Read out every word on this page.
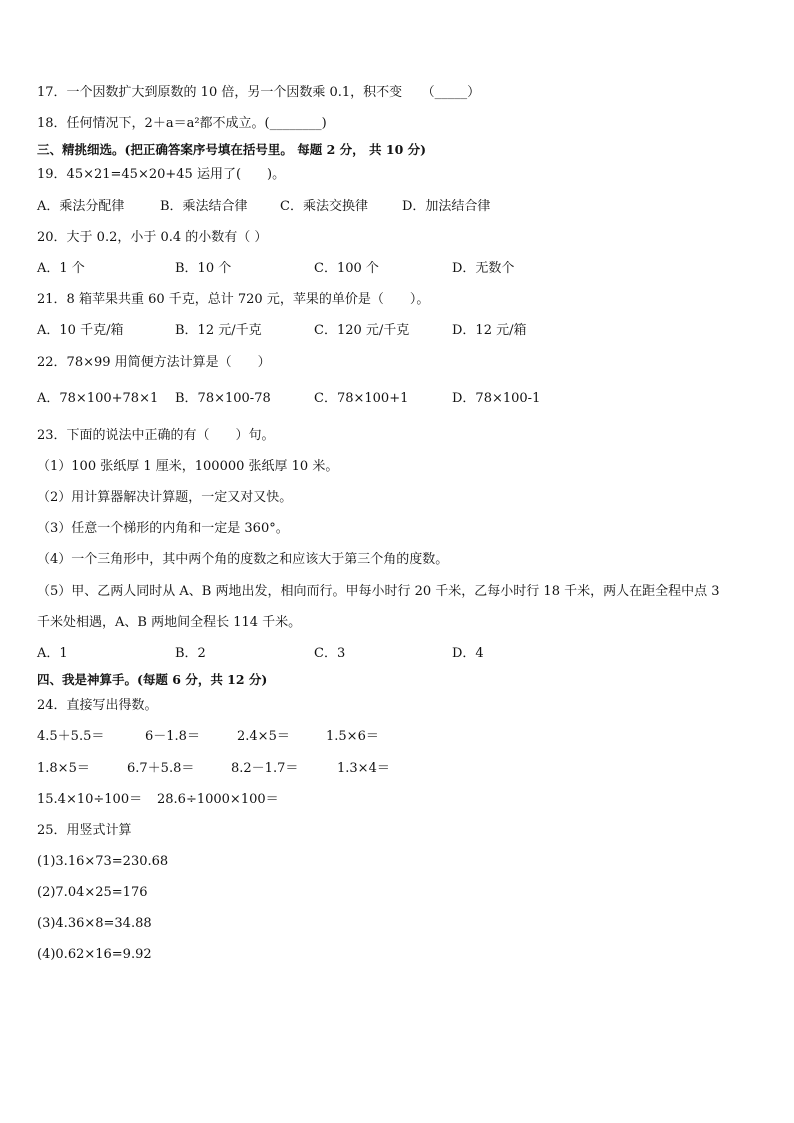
17．一个因数扩大到原数的 10 倍，另一个因数乘 0.1，积不变　　（_____）
18．任何情况下，2＋a＝a²都不成立。(________)
三、精挑细选。(把正确答案序号填在括号里。 每题 2 分， 共 10 分)
19．45×21=45×20+45 运用了(　　)。
A．乘法分配律	B．乘法结合律 C．乘法交换律	D．加法结合律
20．大于 0.2，小于 0.4 的小数有（ ）
A．1 个	B．10 个	C．100 个	D．无数个
21．8 箱苹果共重 60 千克，总计 720 元，苹果的单价是（　　）。
A．10 千克/箱	B．12 元/千克	C．120 元/千克	D．12 元/箱
22．78×99 用简便方法计算是（　　）
A．78×100+78×1 B．78×100-78	C．78×100+1	D．78×100-1
23．下面的说法中正确的有（　　）句。
（1）100 张纸厚 1 厘米，100000 张纸厚 10 米。
（2）用计算器解决计算题，一定又对又快。
（3）任意一个梯形的内角和一定是 360°。
（4）一个三角形中，其中两个角的度数之和应该大于第三个角的度数。
（5）甲、乙两人同时从 A、B 两地出发，相向而行。甲每小时行 20 千米，乙每小时行 18 千米，两人在距全程中点 3
千米处相遇，A、B 两地间全程长 114 千米。
A．1	B．2	C．3	D．4
四、我是神算手。(每题 6 分，共 12 分)
24．直接写出得数。
4.5＋5.5＝	6－1.8＝	2.4×5＝	1.5×6＝
1.8×5＝	6.7＋5.8＝	8.2－1.7＝	1.3×4＝
15.4×10÷100＝ 28.6÷1000×100＝
25．用竖式计算
(1)3.16×73=230.68
(2)7.04×25=176
(3)4.36×8=34.88
(4)0.62×16=9.92
